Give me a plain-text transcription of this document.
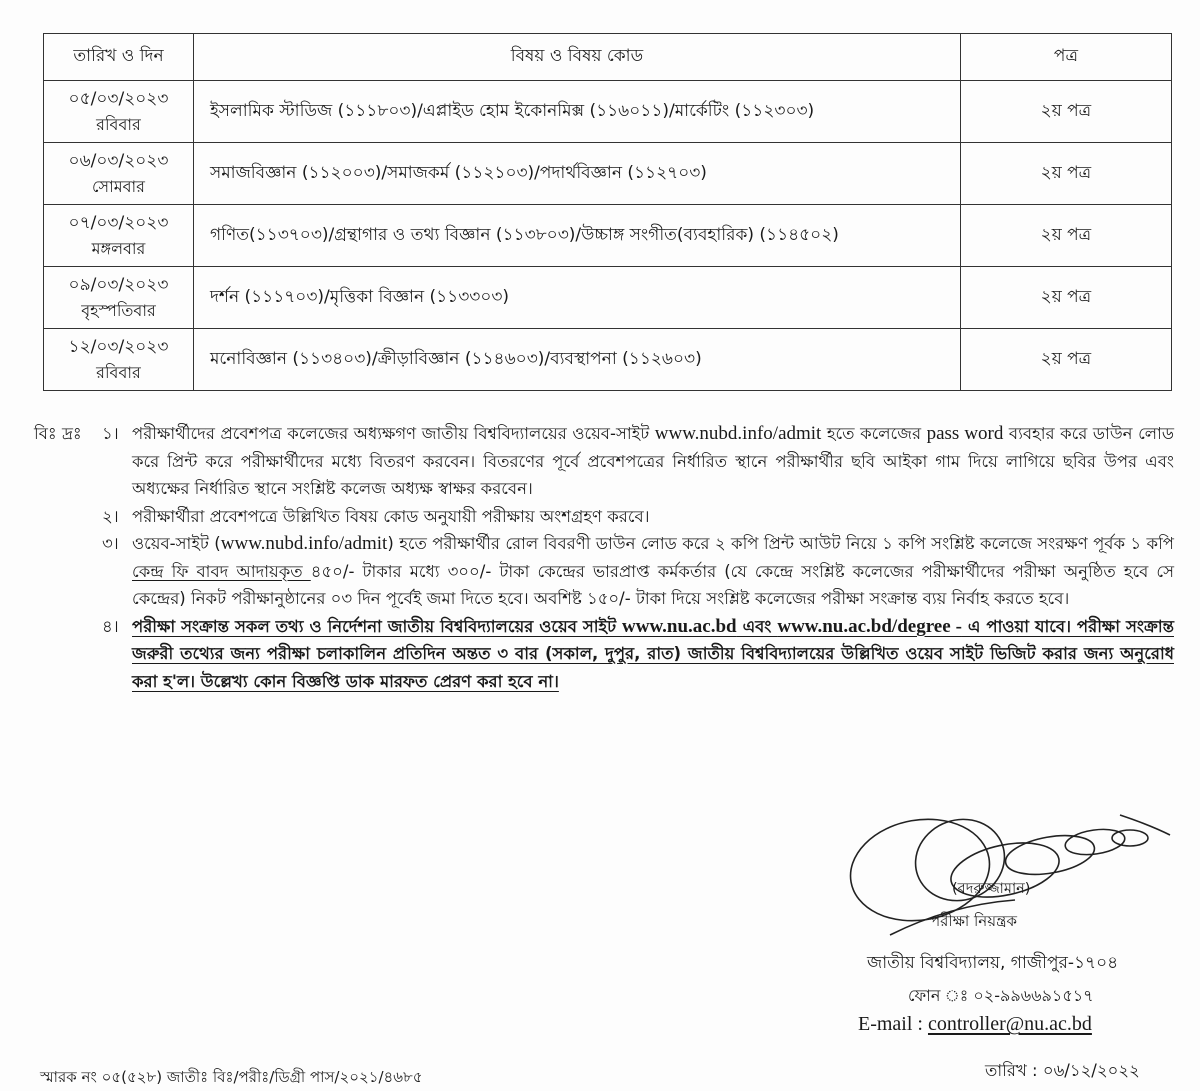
তারিখ ও দিন	বিষয় ও বিষয় কোড	পত্র

০৫/০৩/২০২৩
রবিবার	ইসলামিক স্টাডিজ (১১১৮০৩)/এপ্লাইড হোম ইকোনমিক্স (১১৬০১১)/মার্কেটিং (১১২৩০৩)	২য় পত্র

০৬/০৩/২০২৩
সোমবার	সমাজবিজ্ঞান (১১২০০৩)/সমাজকর্ম (১১২১০৩)/পদার্থবিজ্ঞান (১১২৭০৩)	২য় পত্র

০৭/০৩/২০২৩
মঙ্গলবার	গণিত(১১৩৭০৩)/গ্রন্থাগার ও তথ্য বিজ্ঞান (১১৩৮০৩)/উচ্চাঙ্গ সংগীত(ব্যবহারিক) (১১৪৫০২)	২য় পত্র

০৯/০৩/২০২৩
বৃহস্পতিবার	দর্শন (১১১৭০৩)/মৃত্তিকা বিজ্ঞান (১১৩৩০৩)	২য় পত্র

১২/০৩/২০২৩
রবিবার	মনোবিজ্ঞান (১১৩৪০৩)/ক্রীড়াবিজ্ঞান (১১৪৬০৩)/ব্যবস্থাপনা (১১২৬০৩)	২য় পত্র
বিঃ দ্রঃ ১। পরীক্ষার্থীদের প্রবেশপত্র কলেজের অধ্যক্ষগণ জাতীয় বিশ্ববিদ্যালয়ের ওয়েব-সাইট www.nubd.info/admit হতে কলেজের pass word ব্যবহার করে ডাউন লোড করে প্রিন্ট করে পরীক্ষার্থীদের মধ্যে বিতরণ করবেন। বিতরণের পূর্বে প্রবেশপত্রের নির্ধারিত স্থানে পরীক্ষার্থীর ছবি আইকা গাম দিয়ে লাগিয়ে ছবির উপর এবং অধ্যক্ষের নির্ধারিত স্থানে সংশ্লিষ্ট কলেজ অধ্যক্ষ স্বাক্ষর করবেন।
২। পরীক্ষার্থীরা প্রবেশপত্রে উল্লিখিত বিষয় কোড অনুযায়ী পরীক্ষায় অংশগ্রহণ করবে।
৩। ওয়েব-সাইট (www.nubd.info/admit) হতে পরীক্ষার্থীর রোল বিবরণী ডাউন লোড করে ২ কপি প্রিন্ট আউট নিয়ে ১ কপি সংশ্লিষ্ট কলেজে সংরক্ষণ পূর্বক ১ কপি কেন্দ্র ফি বাবদ আদায়কৃত ৪৫০/- টাকার মধ্যে ৩০০/- টাকা কেন্দ্রের ভারপ্রাপ্ত কর্মকর্তার (যে কেন্দ্রে সংশ্লিষ্ট কলেজের পরীক্ষার্থীদের পরীক্ষা অনুষ্ঠিত হবে সে কেন্দ্রের) নিকট পরীক্ষানুষ্ঠানের ০৩ দিন পূর্বেই জমা দিতে হবে। অবশিষ্ট ১৫০/- টাকা দিয়ে সংশ্লিষ্ট কলেজের পরীক্ষা সংক্রান্ত ব্যয় নির্বাহ করতে হবে।
৪। পরীক্ষা সংক্রান্ত সকল তথ্য ও নির্দেশনা জাতীয় বিশ্ববিদ্যালয়ের ওয়েব সাইট www.nu.ac.bd এবং www.nu.ac.bd/degree - এ পাওয়া যাবে। পরীক্ষা সংক্রান্ত জরুরী তথ্যের জন্য পরীক্ষা চলাকালিন প্রতিদিন অন্তত ৩ বার (সকাল, দুপুর, রাত) জাতীয় বিশ্ববিদ্যালয়ের উল্লিখিত ওয়েব সাইট ভিজিট করার জন্য অনুরোধ করা হ'ল। উল্লেখ্য কোন বিজ্ঞপ্তি ডাক মারফত প্রেরণ করা হবে না।
(বদরুজ্জামান)
পরীক্ষা নিয়ন্ত্রক
জাতীয় বিশ্ববিদ্যালয়, গাজীপুর-১৭০৪
ফোন ঃ ০২-৯৯৬৬৯১৫১৭
E-mail : controller@nu.ac.bd
স্মারক নং ০৫(৫২৮) জাতীঃ বিঃ/পরীঃ/ডিগ্রী পাস/২০২১/৪৬৮৫	তারিখ : ০৬/১২/২০২২
